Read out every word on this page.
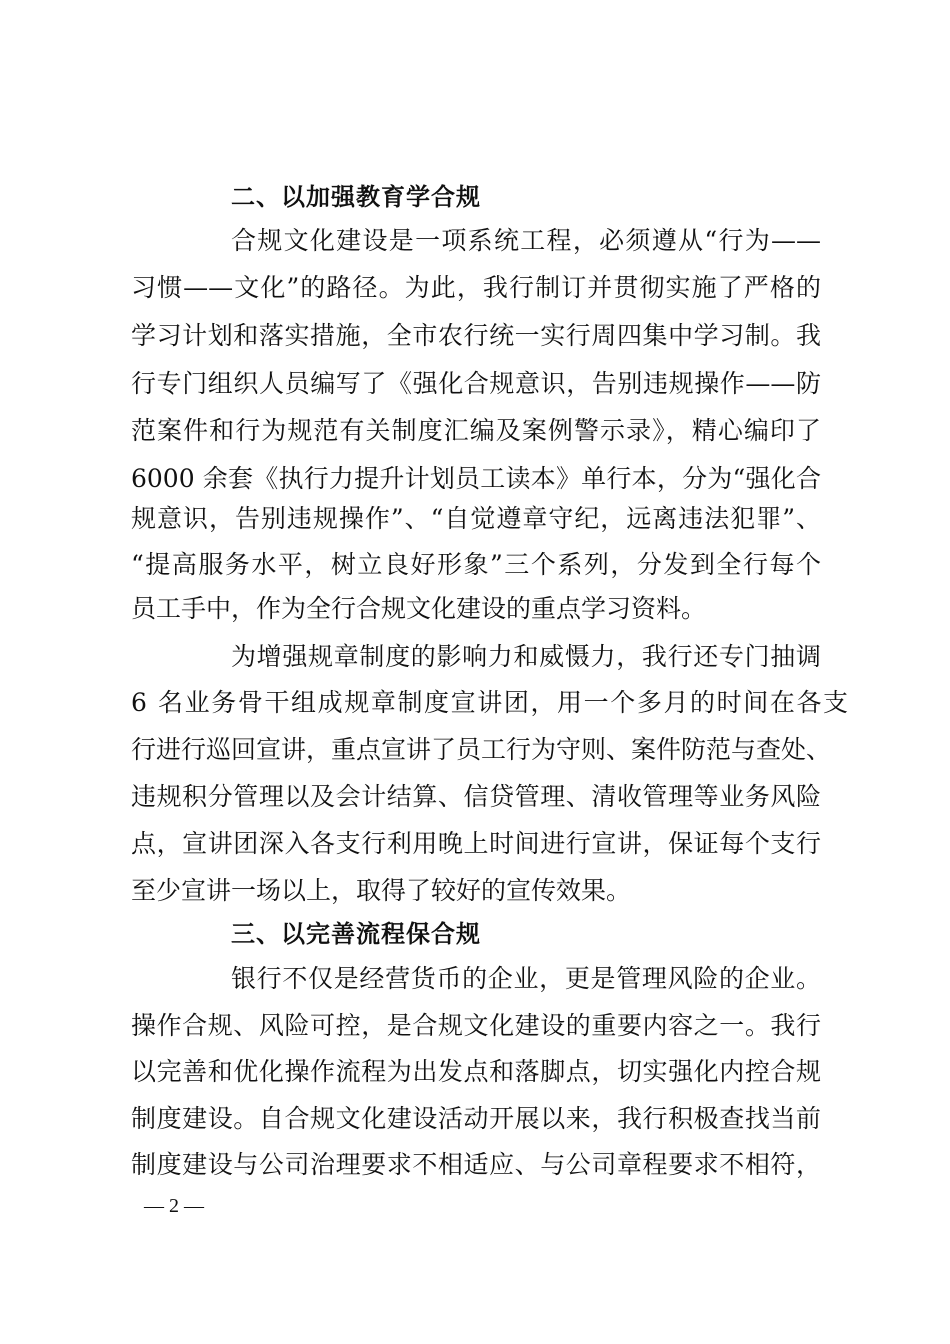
二、以加强教育学合规
合规文化建设是一项系统工程，必须遵从“行为——
习惯——文化”的路径。为此，我行制订并贯彻实施了严格的
学习计划和落实措施，全市农行统一实行周四集中学习制。我
行专门组织人员编写了《强化合规意识，告别违规操作——防
范案件和行为规范有关制度汇编及案例警示录》，精心编印了
6000 余套《执行力提升计划员工读本》单行本，分为“强化合
规意识，告别违规操作”、“自觉遵章守纪，远离违法犯罪”、
“提高服务水平，树立良好形象”三个系列，分发到全行每个
员工手中，作为全行合规文化建设的重点学习资料。
为增强规章制度的影响力和威慑力，我行还专门抽调
6 名业务骨干组成规章制度宣讲团，用一个多月的时间在各支
行进行巡回宣讲，重点宣讲了员工行为守则、案件防范与查处、
违规积分管理以及会计结算、信贷管理、清收管理等业务风险
点，宣讲团深入各支行利用晚上时间进行宣讲，保证每个支行
至少宣讲一场以上，取得了较好的宣传效果。
三、以完善流程保合规
银行不仅是经营货币的企业，更是管理风险的企业。
操作合规、风险可控，是合规文化建设的重要内容之一。我行
以完善和优化操作流程为出发点和落脚点，切实强化内控合规
制度建设。自合规文化建设活动开展以来，我行积极查找当前
制度建设与公司治理要求不相适应、与公司章程要求不相符，
— 2 —
